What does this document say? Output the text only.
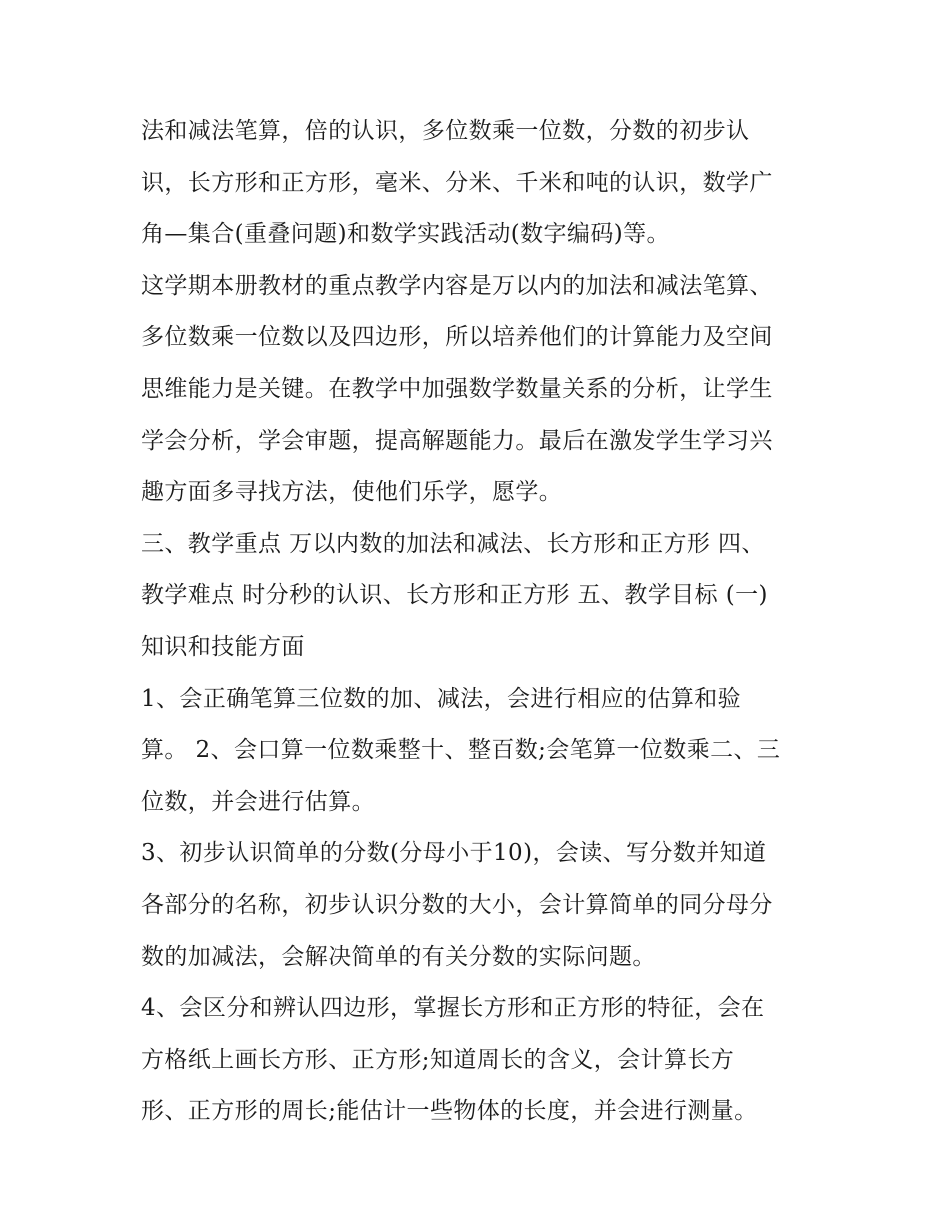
法和减法笔算，倍的认识，多位数乘一位数，分数的初步认
识，长方形和正方形，毫米、分米、千米和吨的认识，数学广
角—集合(重叠问题)和数学实践活动(数字编码)等。
这学期本册教材的重点教学内容是万以内的加法和减法笔算、
多位数乘一位数以及四边形，所以培养他们的计算能力及空间
思维能力是关键。在教学中加强数学数量关系的分析，让学生
学会分析，学会审题，提高解题能力。最后在激发学生学习兴
趣方面多寻找方法，使他们乐学，愿学。
三、教学重点 万以内数的加法和减法、长方形和正方形 四、
教学难点 时分秒的认识、长方形和正方形 五、教学目标 (一)
知识和技能方面
1、会正确笔算三位数的加、减法，会进行相应的估算和验
算。 2、会口算一位数乘整十、整百数;会笔算一位数乘二、三
位数，并会进行估算。
3、初步认识简单的分数(分母小于10)，会读、写分数并知道
各部分的名称，初步认识分数的大小，会计算简单的同分母分
数的加减法，会解决简单的有关分数的实际问题。
4、会区分和辨认四边形，掌握长方形和正方形的特征，会在
方格纸上画长方形、正方形;知道周长的含义，会计算长方
形、正方形的周长;能估计一些物体的长度，并会进行测量。
